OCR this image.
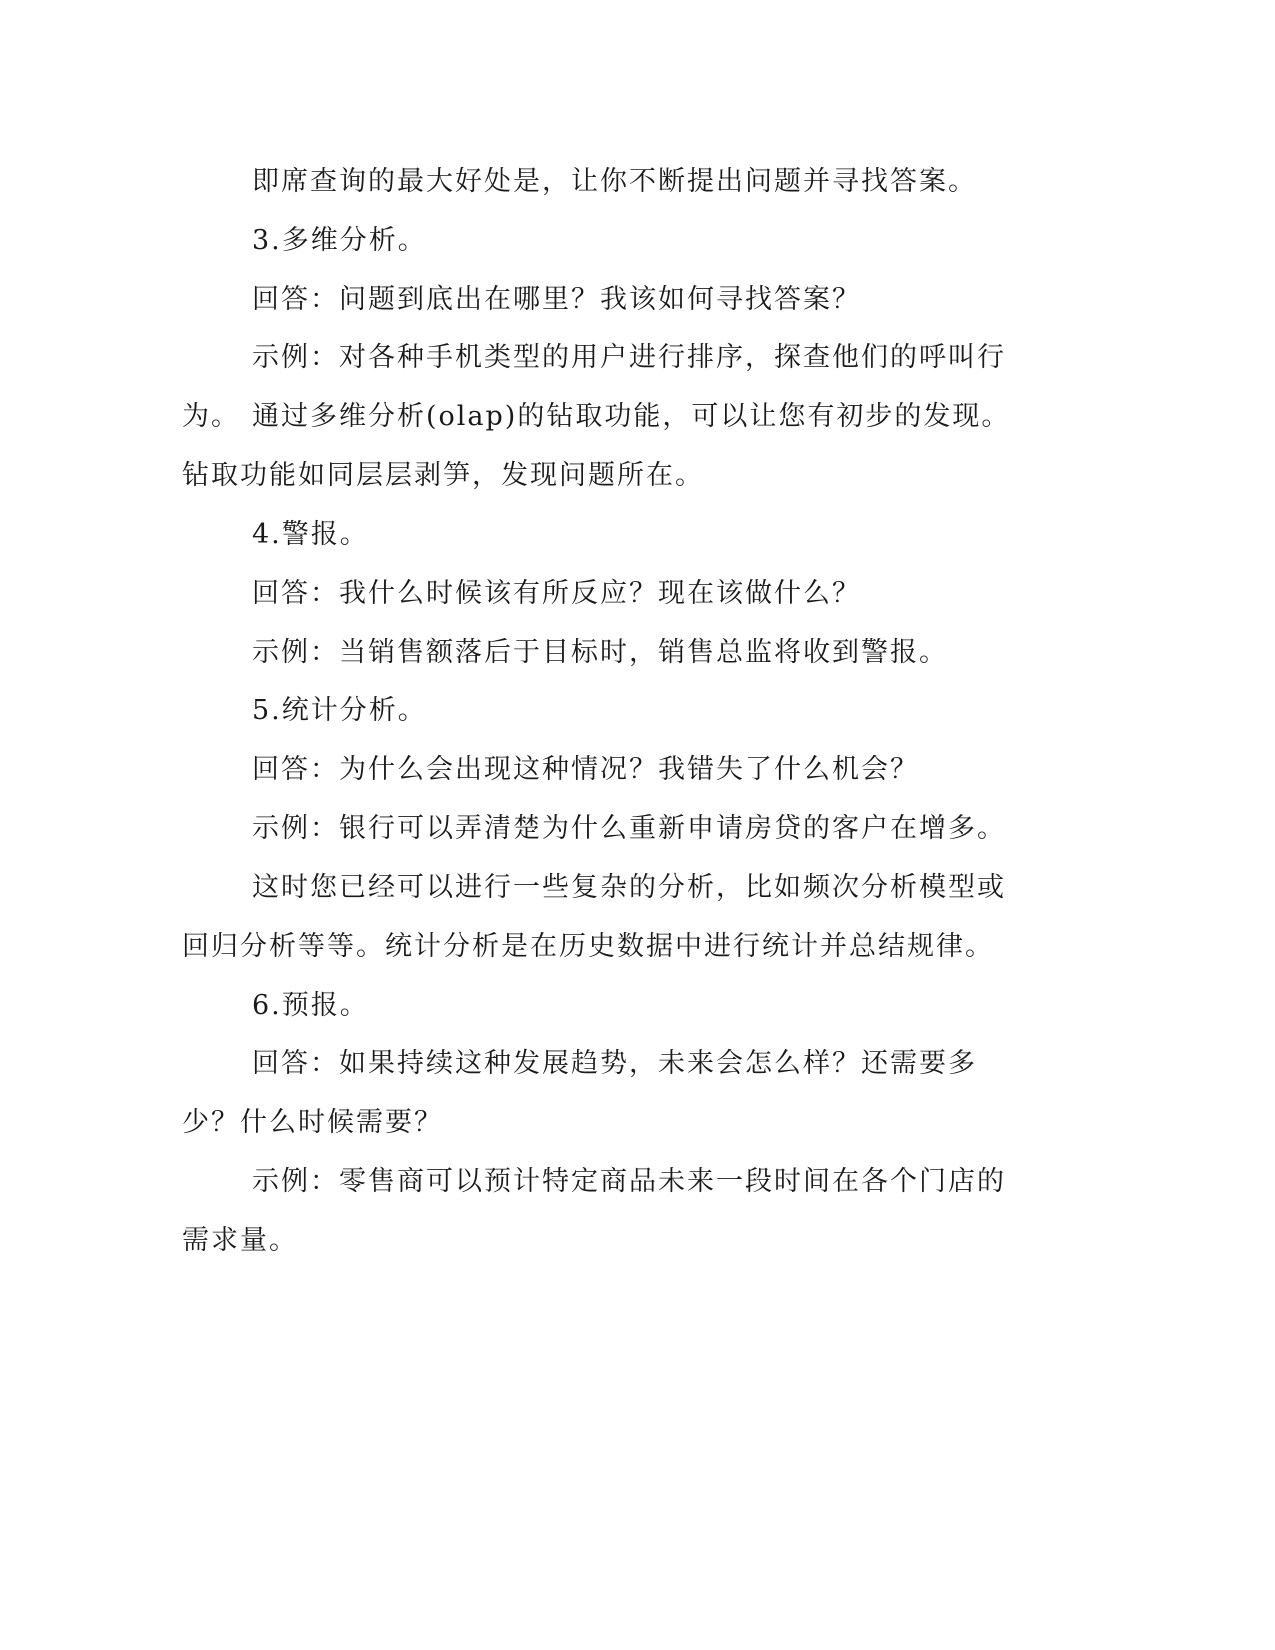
即席查询的最大好处是，让你不断提出问题并寻找答案。

3.多维分析。

回答：问题到底出在哪里？我该如何寻找答案？

示例：对各种手机类型的用户进行排序，探查他们的呼叫行为。 通过多维分析(olap)的钻取功能，可以让您有初步的发现。钻取功能如同层层剥笋，发现问题所在。

4.警报。

回答：我什么时候该有所反应？现在该做什么？

示例：当销售额落后于目标时，销售总监将收到警报。

5.统计分析。

回答：为什么会出现这种情况？我错失了什么机会？

示例：银行可以弄清楚为什么重新申请房贷的客户在增多。

这时您已经可以进行一些复杂的分析，比如频次分析模型或回归分析等等。统计分析是在历史数据中进行统计并总结规律。

6.预报。

回答：如果持续这种发展趋势，未来会怎么样？还需要多少？什么时候需要？

示例：零售商可以预计特定商品未来一段时间在各个门店的需求量。
